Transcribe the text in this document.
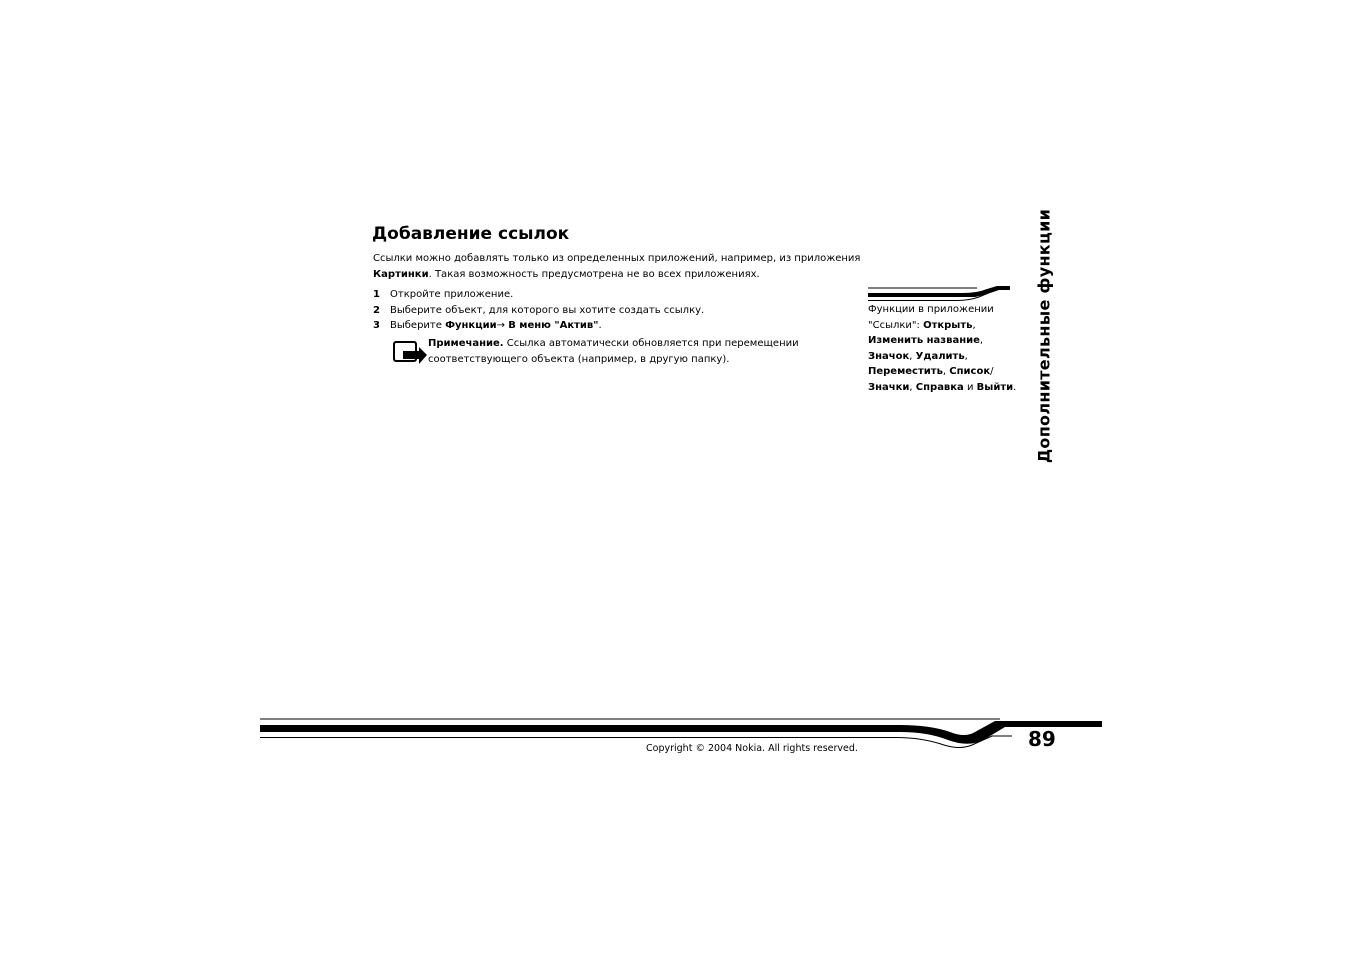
Добавление ссылок

Ссылки можно добавлять только из определенных приложений, например, из приложения
Картинки. Такая возможность предусмотрена не во всех приложениях.

1 Откройте приложение.
2 Выберите объект, для которого вы хотите создать ссылку.
3 Выберите Функции→ В меню "Актив".

Примечание. Ссылка автоматически обновляется при перемещении
соответствующего объекта (например, в другую папку).

Функции в приложении
"Ссылки": Открыть,
Изменить название,
Значок, Удалить,
Переместить, Список/
Значки, Справка и Выйти. Дополнительные функции
89
Copyright © 2004 Nokia. All rights reserved.
